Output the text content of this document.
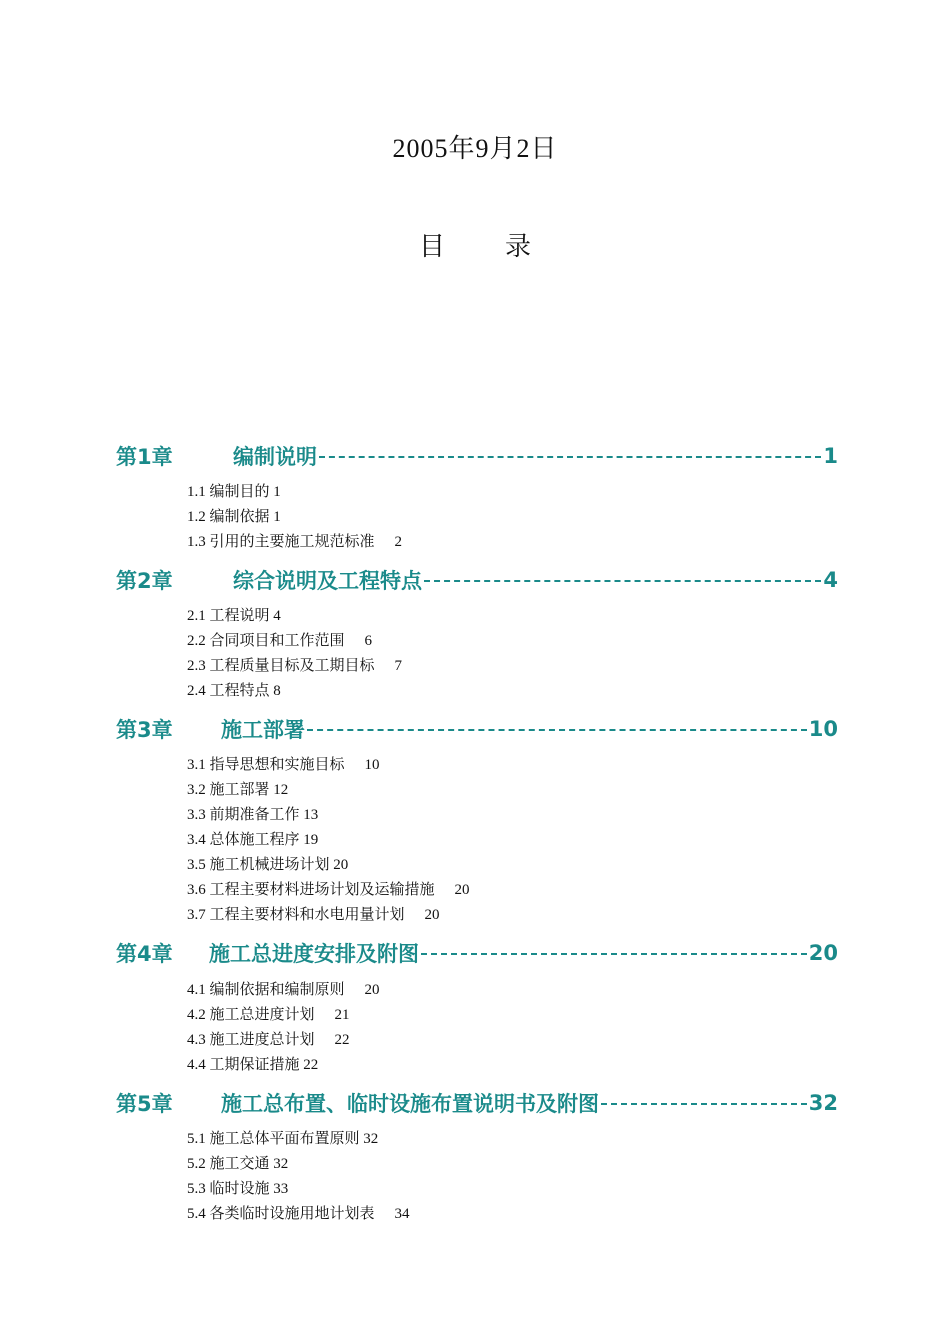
2005年9月2日
目 录
第1章	编制说明	1
1.1 编制目的 1
1.2 编制依据 1
1.3 引用的主要施工规范标准 2
第2章	综合说明及工程特点	4
2.1 工程说明 4
2.2 合同项目和工作范围 6
2.3 工程质量目标及工期目标 7
2.4 工程特点 8
第3章	施工部署	10
3.1 指导思想和实施目标 10
3.2 施工部署 12
3.3 前期准备工作 13
3.4 总体施工程序 19
3.5 施工机械进场计划 20
3.6 工程主要材料进场计划及运输措施 20
3.7 工程主要材料和水电用量计划 20
第4章	施工总进度安排及附图	20
4.1 编制依据和编制原则 20
4.2 施工总进度计划 21
4.3 施工进度总计划 22
4.4 工期保证措施 22
第5章	施工总布置、临时设施布置说明书及附图	32
5.1 施工总体平面布置原则 32
5.2 施工交通 32
5.3 临时设施 33
5.4 各类临时设施用地计划表 34
